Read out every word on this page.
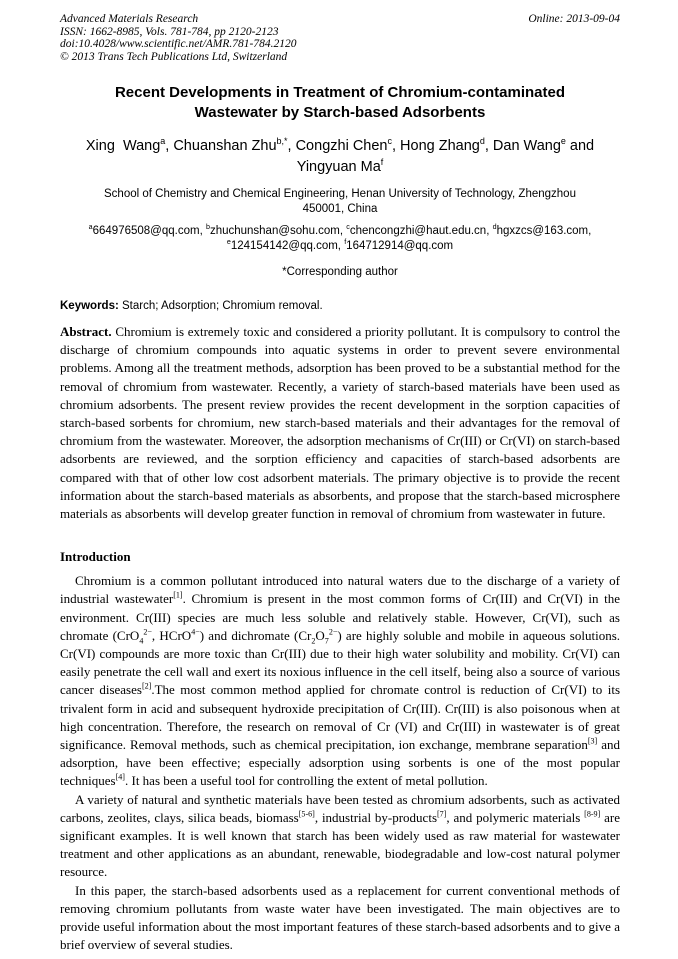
Advanced Materials Research
ISSN: 1662-8985, Vols. 781-784, pp 2120-2123
doi:10.4028/www.scientific.net/AMR.781-784.2120
© 2013 Trans Tech Publications Ltd, Switzerland
Online: 2013-09-04
Recent Developments in Treatment of Chromium-contaminated Wastewater by Starch-based Adsorbents
Xing  Wang$^a$, Chuanshan Zhu$^{b,*}$, Congzhi Chen$^c$, Hong Zhang$^d$, Dan Wang$^e$ and Yingyuan Ma$^f$
School of Chemistry and Chemical Engineering, Henan University of Technology, Zhengzhou 450001, China
$^a$664976508@qq.com, $^b$zhuchunshan@sohu.com, $^c$chencongzhi@haut.edu.cn, $^d$hgxzcs@163.com, $^e$124154142@qq.com, $^f$164712914@qq.com
*Corresponding author
Keywords: Starch; Adsorption; Chromium removal.
Abstract. Chromium is extremely toxic and considered a priority pollutant. It is compulsory to control the discharge of chromium compounds into aquatic systems in order to prevent severe environmental problems. Among all the treatment methods, adsorption has been proved to be a substantial method for the removal of chromium from wastewater. Recently, a variety of starch-based materials have been used as chromium adsorbents. The present review provides the recent development in the sorption capacities of starch-based sorbents for chromium, new starch-based materials and their advantages for the removal of chromium from the wastewater. Moreover, the adsorption mechanisms of Cr(III) or Cr(VI) on starch-based adsorbents are reviewed, and the sorption efficiency and capacities of starch-based adsorbents are compared with that of other low cost adsorbent materials. The primary objective is to provide the recent information about the starch-based materials as absorbents, and propose that the starch-based microsphere materials as absorbents will develop greater function in removal of chromium from wastewater in future.
Introduction

Chromium is a common pollutant introduced into natural waters due to the discharge of a variety of industrial wastewater[1]. Chromium is present in the most common forms of Cr(III) and Cr(VI) in the environment. Cr(III) species are much less soluble and relatively stable. However, Cr(VI), such as chromate (CrO$_4^{2-}$, HCrO$^{4-}$) and dichromate $(Cr_2O_7^{2-})$ are highly soluble and mobile in aqueous solutions. Cr(VI) compounds are more toxic than Cr(III) due to their high water solubility and mobility. Cr(VI) can easily penetrate the cell wall and exert its noxious influence in the cell itself, being also a source of various cancer diseases[2].The most common method applied for chromate control is reduction of Cr(VI) to its trivalent form in acid and subsequent hydroxide precipitation of Cr(III). Cr(III) is also poisonous when at high concentration. Therefore, the research on removal of Cr (VI) and Cr(III) in wastewater is of great significance. Removal methods, such as chemical precipitation, ion exchange, membrane separation[3] and adsorption, have been effective; especially adsorption using sorbents is one of the most popular techniques[4]. It has been a useful tool for controlling the extent of metal pollution.

A variety of natural and synthetic materials have been tested as chromium adsorbents, such as activated carbons, zeolites, clays, silica beads, biomass[5-6], industrial by-products[7], and polymeric materials [8-9] are significant examples. It is well known that starch has been widely used as raw material for wastewater treatment and other applications as an abundant, renewable, biodegradable and low-cost natural polymer resource.

In this paper, the starch-based adsorbents used as a replacement for current conventional methods of removing chromium pollutants from waste water have been investigated. The main objectives are to provide useful information about the most important features of these starch-based adsorbents and to give a brief overview of several studies.
